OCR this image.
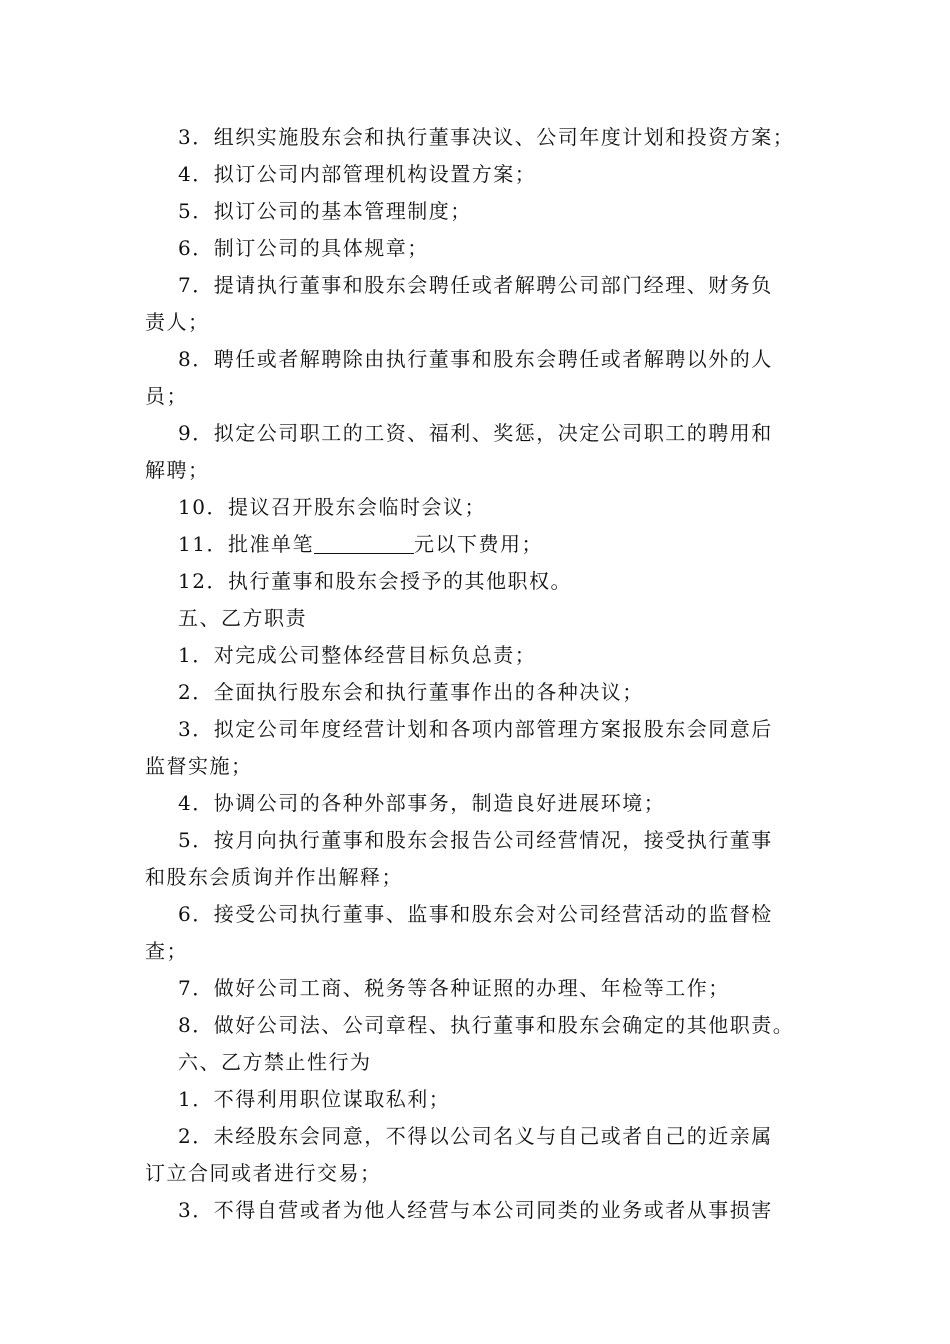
3．组织实施股东会和执行董事决议、公司年度计划和投资方案；
4．拟订公司内部管理机构设置方案；
5．拟订公司的基本管理制度；
6．制订公司的具体规章；
7．提请执行董事和股东会聘任或者解聘公司部门经理、财务负
责人；
8．聘任或者解聘除由执行董事和股东会聘任或者解聘以外的人
员；
9．拟定公司职工的工资、福利、奖惩，决定公司职工的聘用和
解聘；
10．提议召开股东会临时会议；
11．批准单笔	元以下费用；
12．执行董事和股东会授予的其他职权。
五、乙方职责
1．对完成公司整体经营目标负总责；
2．全面执行股东会和执行董事作出的各种决议；
3．拟定公司年度经营计划和各项内部管理方案报股东会同意后
监督实施；
4．协调公司的各种外部事务，制造良好进展环境；
5．按月向执行董事和股东会报告公司经营情况，接受执行董事
和股东会质询并作出解释；
6．接受公司执行董事、监事和股东会对公司经营活动的监督检
查；
7．做好公司工商、税务等各种证照的办理、年检等工作；
8．做好公司法、公司章程、执行董事和股东会确定的其他职责。
六、乙方禁止性行为
1．不得利用职位谋取私利；
2．未经股东会同意，不得以公司名义与自己或者自己的近亲属
订立合同或者进行交易；
3．不得自营或者为他人经营与本公司同类的业务或者从事损害
